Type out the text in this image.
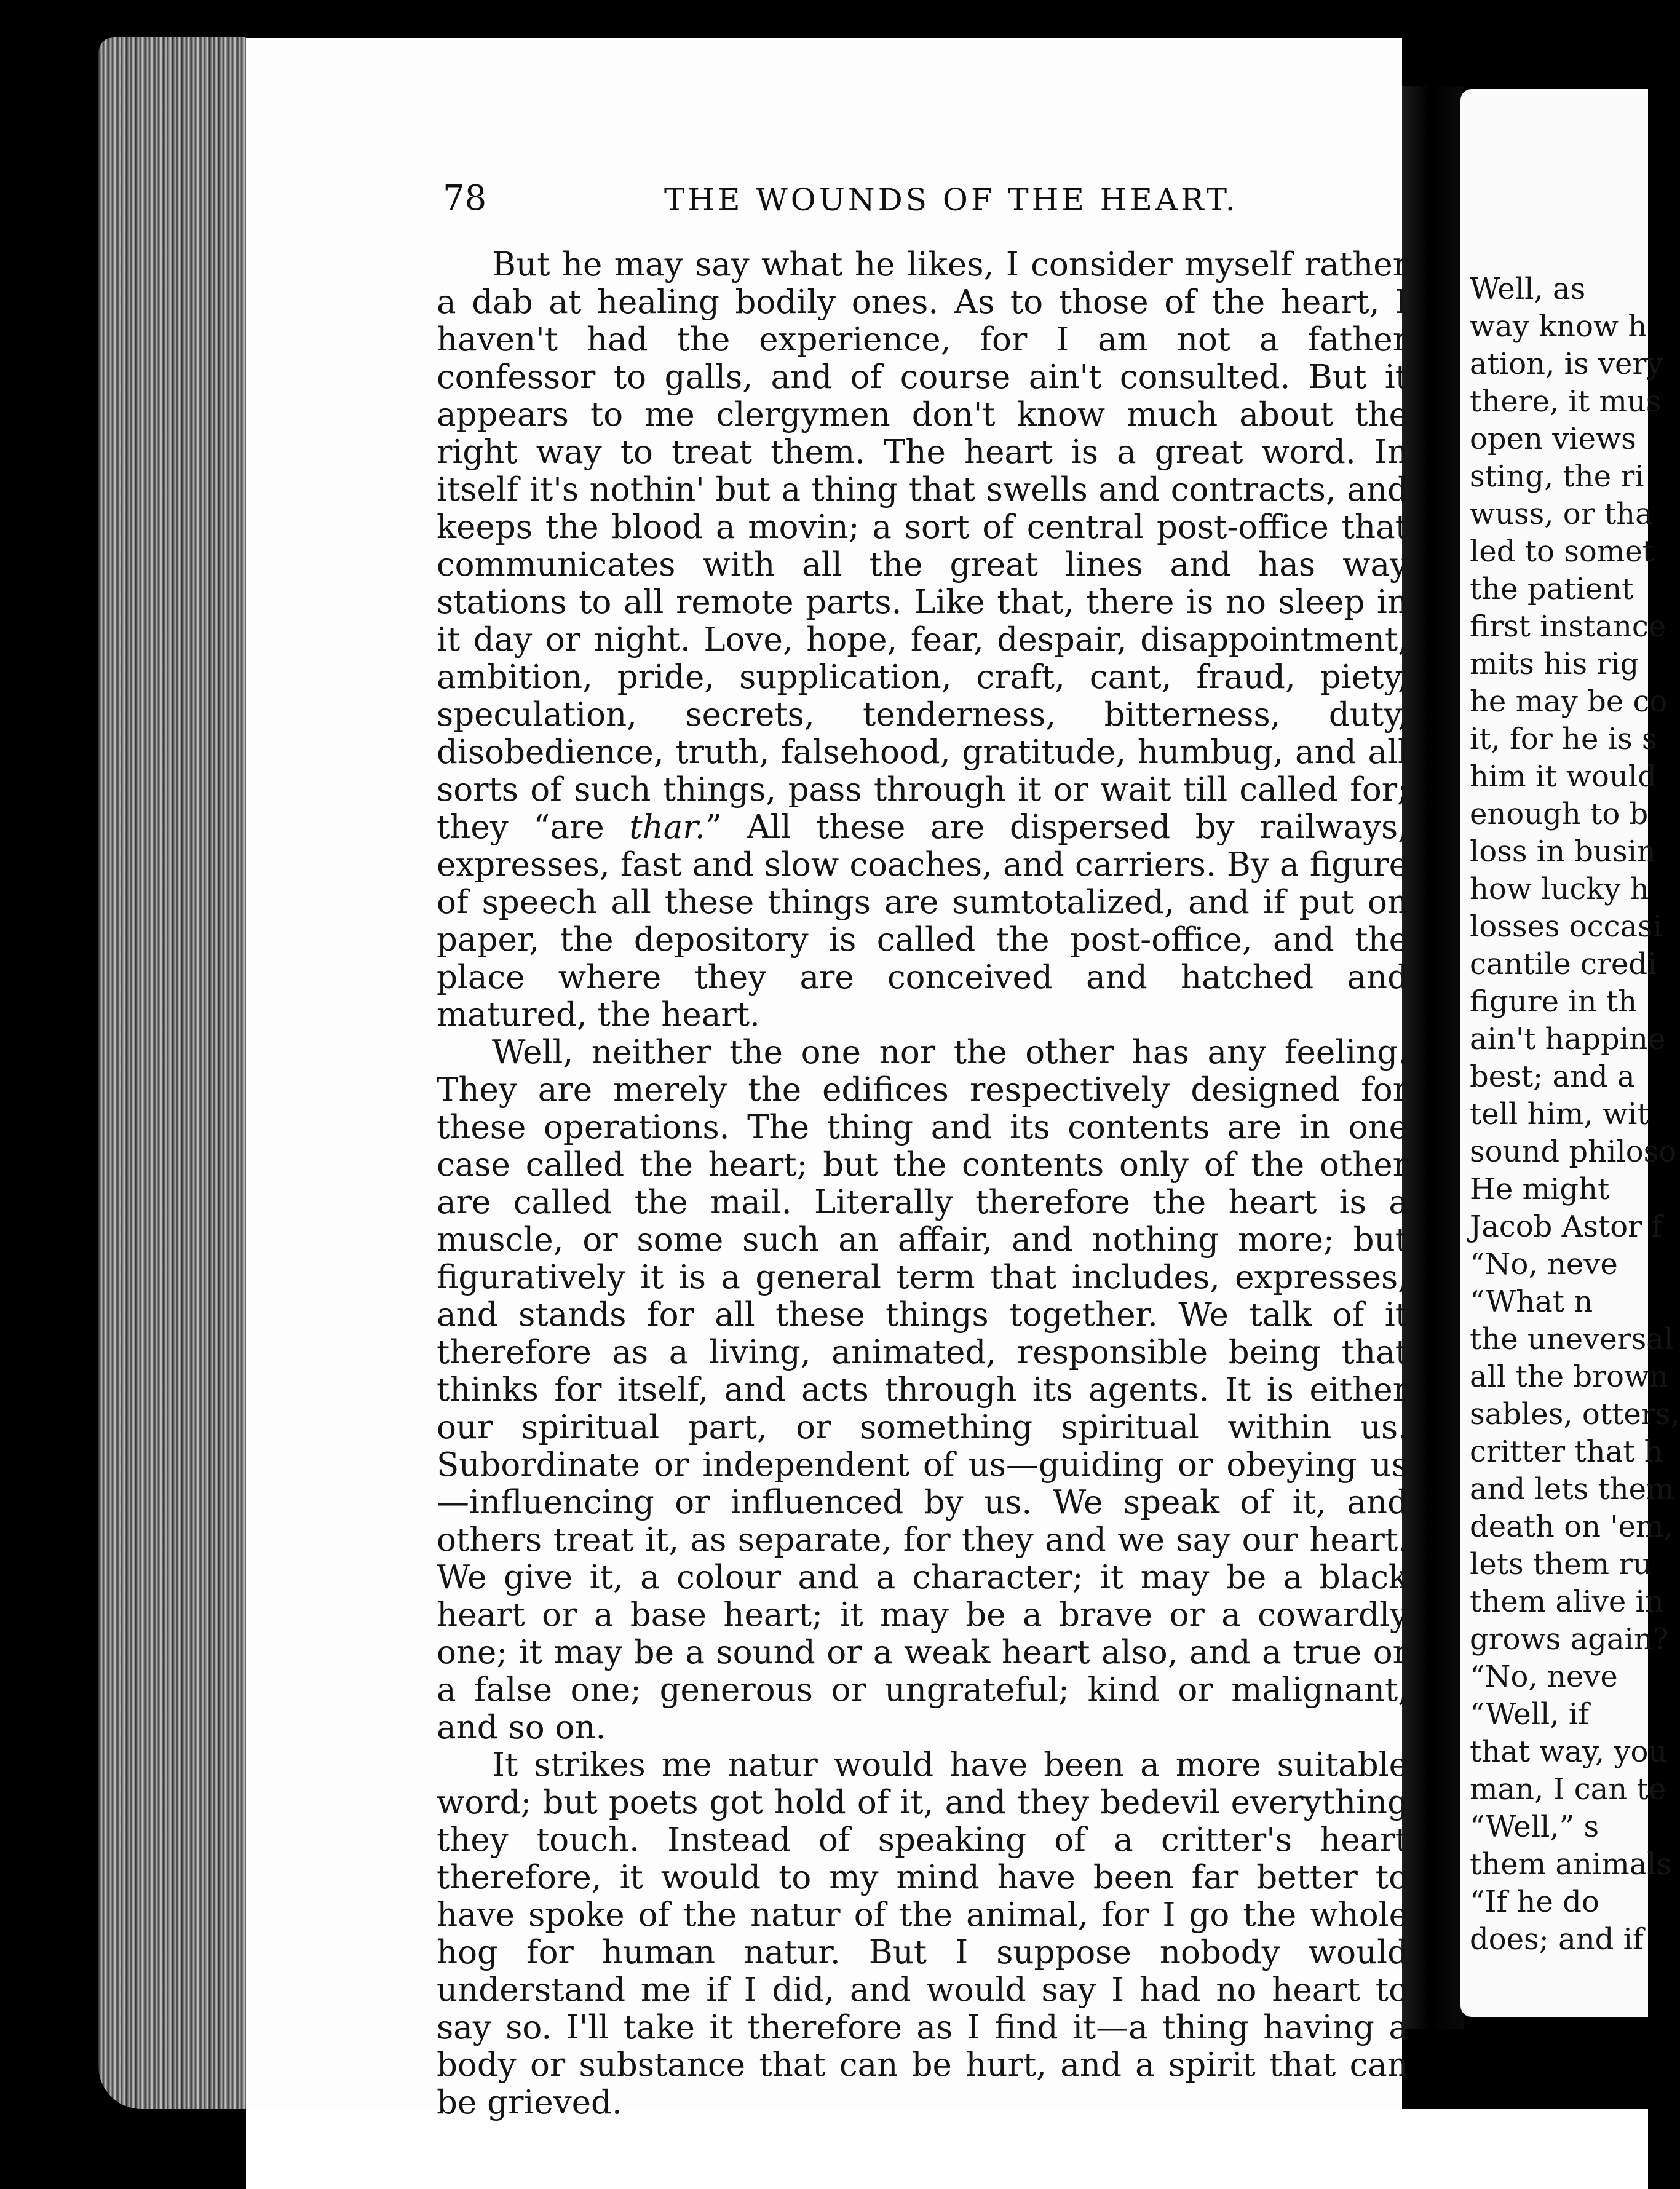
78	THE WOUNDS OF THE HEART.

But he may say what he likes, I consider myself rather a dab at healing bodily ones. As to those of the heart, I haven't had the experience, for I am not a father confessor to galls, and of course ain't consulted. But it appears to me clergymen don't know much about the right way to treat them. The heart is a great word. In itself it's nothin' but a thing that swells and contracts, and keeps the blood a movin; a sort of central post-office that communicates with all the great lines and has way stations to all remote parts. Like that, there is no sleep in it day or night. Love, hope, fear, despair, disappointment, ambition, pride, supplication, craft, cant, fraud, piety, speculation, secrets, tenderness, bitterness, duty, disobedience, truth, falsehood, gratitude, humbug, and all sorts of such things, pass through it or wait till called for; they “are thar.” All these are dispersed by railways, expresses, fast and slow coaches, and carriers. By a figure of speech all these things are sumtotalized, and if put on paper, the depository is called the post-office, and the place where they are conceived and hatched and matured, the heart.

Well, neither the one nor the other has any feeling. They are merely the edifices respectively designed for these operations. The thing and its contents are in one case called the heart; but the contents only of the other are called the mail. Literally therefore the heart is a muscle, or some such an affair, and nothing more; but figuratively it is a general term that includes, expresses, and stands for all these things together. We talk of it therefore as a living, animated, responsible being that thinks for itself, and acts through its agents. It is either our spiritual part, or something spiritual within us. Subordinate or independent of us—guiding or obeying us—influencing or influenced by us. We speak of it, and others treat it, as separate, for they and we say our heart. We give it, a colour and a character; it may be a black heart or a base heart; it may be a brave or a cowardly one; it may be a sound or a weak heart also, and a true or a false one; generous or ungrateful; kind or malignant, and so on.

It strikes me natur would have been a more suitable word; but poets got hold of it, and they bedevil everything they touch. Instead of speaking of a critter's heart therefore, it would to my mind have been far better to have spoke of the natur of the animal, for I go the whole hog for human natur. But I suppose nobody would understand me if I did, and would say I had no heart to say so. I'll take it therefore as I find it—a thing having a body or substance that can be hurt, and a spirit that can be grieved.

Well, as
way know h
ation, is very
there, it mus
open views
sting, the ri
wuss, or tha
led to somet
the patient
first instance
mits his rig
he may be co
it, for he is s
him it would
enough to b
loss in busin
how lucky h
losses occasi
cantile credi
figure in th
ain't happine
best; and a
tell him, wit
sound philoso
He might
Jacob Astor f
“No, neve
“What n
the uneversal
all the brown
sables, otters,
critter that h
and lets them
death on 'em,
lets them ru
them alive in
grows again?
“No, neve
“Well, if
that way, you
man, I can te
“Well,” s
them animals
“If he do
does; and if
